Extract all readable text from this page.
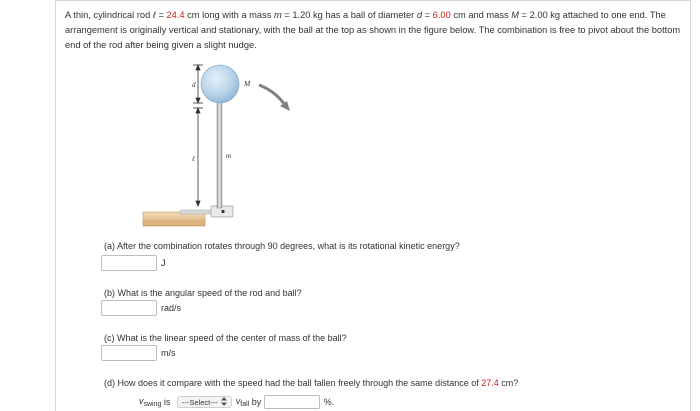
A thin, cylindrical rod ℓ = 24.4 cm long with a mass m = 1.20 kg has a ball of diameter d = 6.00 cm and mass M = 2.00 kg attached to one end. The arrangement is originally vertical and stationary, with the ball at the top as shown in the figure below. The combination is free to pivot about the bottom end of the rod after being given a slight nudge.
d
ℓ
M
m
(a) After the combination rotates through 90 degrees, what is its rotational kinetic energy?
J
(b) What is the angular speed of the rod and ball?
rad/s
(c) What is the linear speed of the center of mass of the ball?
m/s
(d) How does it compare with the speed had the ball fallen freely through the same distance of 27.4 cm?
$v_{swing}$ is ---Select--- $v_{fall}$ by	%.
